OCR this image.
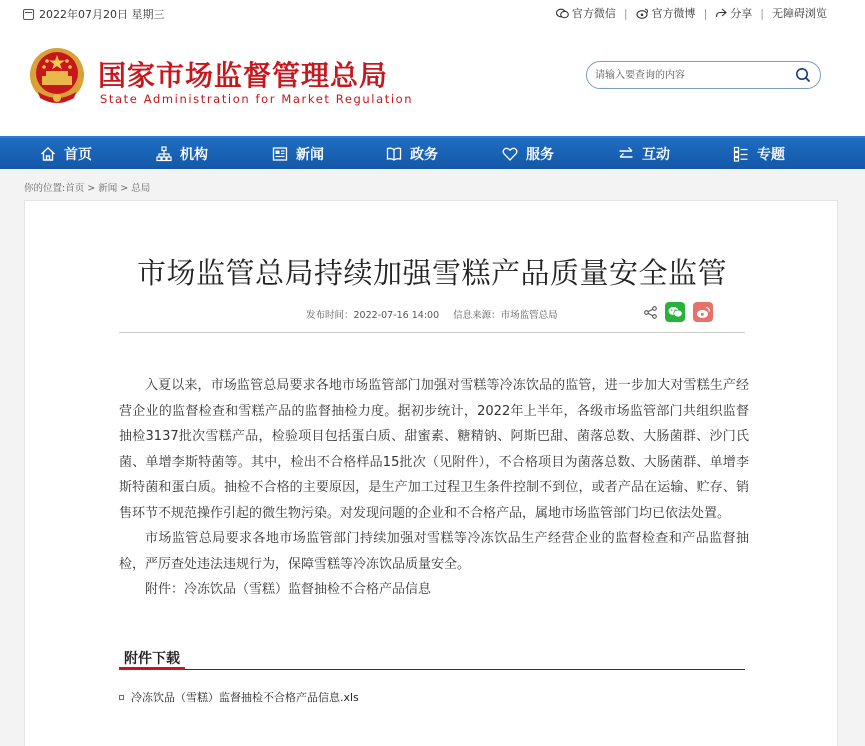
2022年07月20日 星期三	官方微信 | 官方微博 | 分享 | 无障碍浏览
国家市场监督管理总局
State Administration for Market Regulation
请输入要查询的内容
首页	机构	新闻	政务	服务	互动	专题
你的位置:首页 > 新闻 > 总局
市场监管总局持续加强雪糕产品质量安全监管
发布时间：2022-07-16 14:00 信息来源：市场监管总局

入夏以来，市场监管总局要求各地市场监管部门加强对雪糕等冷冻饮品的监管，进一步加大对雪糕生产经营企业的监督检查和雪糕产品的监督抽检力度。据初步统计，2022年上半年，各级市场监管部门共组织监督抽检3137批次雪糕产品，检验项目包括蛋白质、甜蜜素、糖精钠、阿斯巴甜、菌落总数、大肠菌群、沙门氏菌、单增李斯特菌等。其中，检出不合格样品15批次（见附件），不合格项目为菌落总数、大肠菌群、单增李斯特菌和蛋白质。抽检不合格的主要原因，是生产加工过程卫生条件控制不到位，或者产品在运输、贮存、销售环节不规范操作引起的微生物污染。对发现问题的企业和不合格产品，属地市场监管部门均已依法处置。

市场监管总局要求各地市场监管部门持续加强对雪糕等冷冻饮品生产经营企业的监督检查和产品监督抽检，严厉查处违法违规行为，保障雪糕等冷冻饮品质量安全。

附件：冷冻饮品（雪糕）监督抽检不合格产品信息

附件下载
冷冻饮品（雪糕）监督抽检不合格产品信息.xls
